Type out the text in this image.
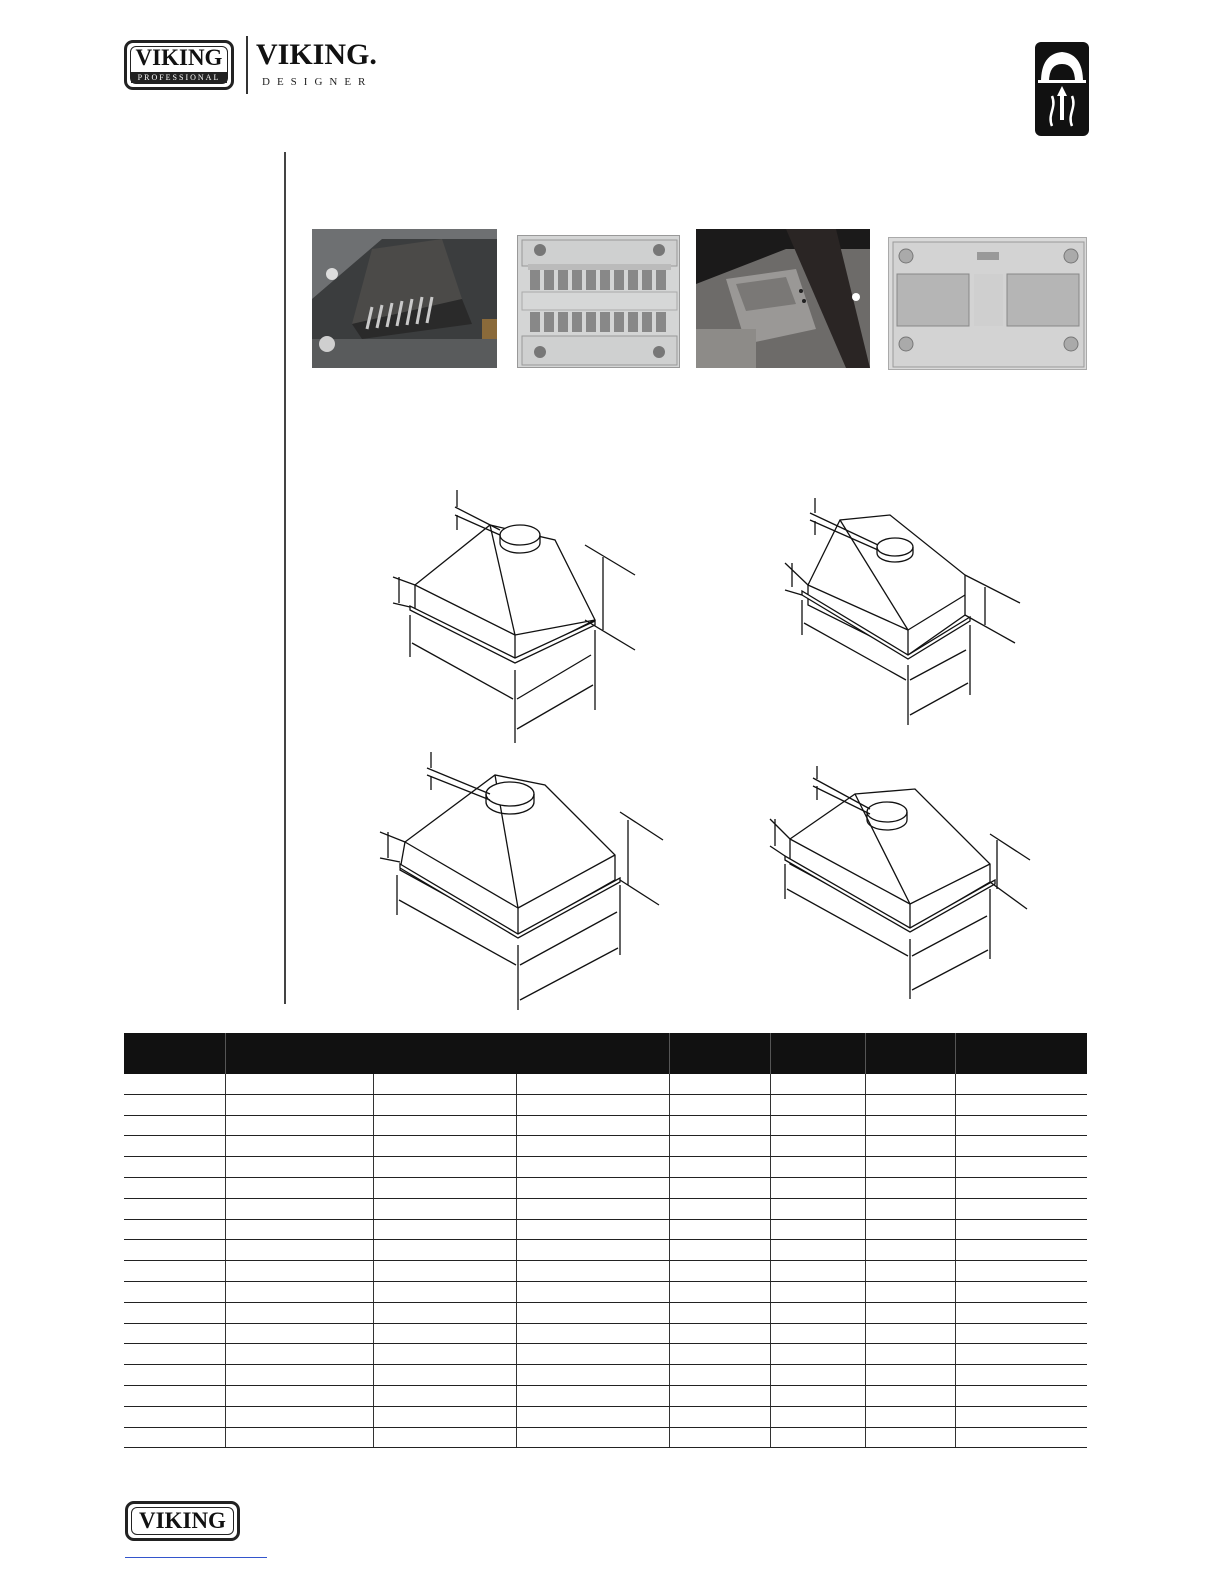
VIKING
PROFESSIONAL
VIKING.
DESIGNER

VIKING
